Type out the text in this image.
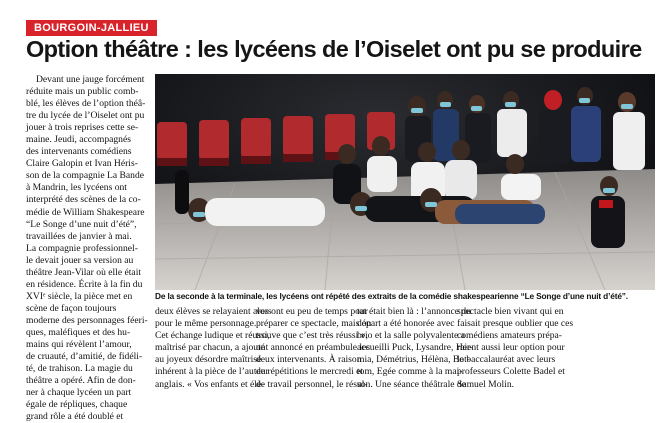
BOURGOIN-JALLIEU
Option théâtre : les lycéens de l’Oiselet ont pu se produire
Devant une jauge forcément
réduite mais un public comb-
blé, les élèves de l’option théâ-
tre du lycée de l’Oiselet ont pu
jouer à trois reprises cette se-
maine. Jeudi, accompagnés
des intervenants comédiens
Claire Galopin et Ivan Héris-
son de la compagnie La Bande
à Mandrin, les lycéens ont
interprété des scènes de la co-
médie de William Shakespeare
“Le Songe d’une nuit d’été”,
travaillées de janvier à mai.
La compagnie professionnel-
le devait jouer sa version au
théâtre Jean-Vilar où elle était
en résidence. Écrite à la fin du
XVIᵉ siècle, la pièce met en
scène de façon toujours
moderne des personnages féeri-
ques, maléfiques et des hu-
mains qui révèlent l’amour,
de cruauté, d’amitié, de fidéli-
té, de trahison. La magie du
théâtre a opéré. Afin de don-
ner à chaque lycéen un part
égale de répliques, chaque
grand rôle a été doublé et
De la seconde à la terminale, les lycéens ont répété des extraits de la comédie shakespearienne “Le Songe d’une nuit d’été”.
deux élèves se relayaient alors
pour le même personnage.
Cet échange ludique et réussi,
maîtrisé par chacun, a ajouté
au joyeux désordre maîtrisé
inhérent à la pièce de l’auteur
anglais. « Vos enfants et élè-
ves ont eu peu de temps pour
préparer ce spectacle, mais on
trouve que c’est très réussi »,
ont annoncé en préambule les
deux intervenants. À raison
de répétitions le mercredi et
de travail personnel, le résul-
tat était bien là : l’annonce du
départ a été honorée avec
brio et la salle polyvalente a
accueilli Puck, Lysandre, Her-
mia, Démétrius, Hélèna, Bot-
tom, Egée comme à la mai-
son. Une séance théâtrale de
spectacle bien vivant qui en
faisait presque oublier que ces
comédiens amateurs prépa-
raient aussi leur option pour
le baccalauréat avec leurs
professeurs Colette Badel et
Samuel Molin.
